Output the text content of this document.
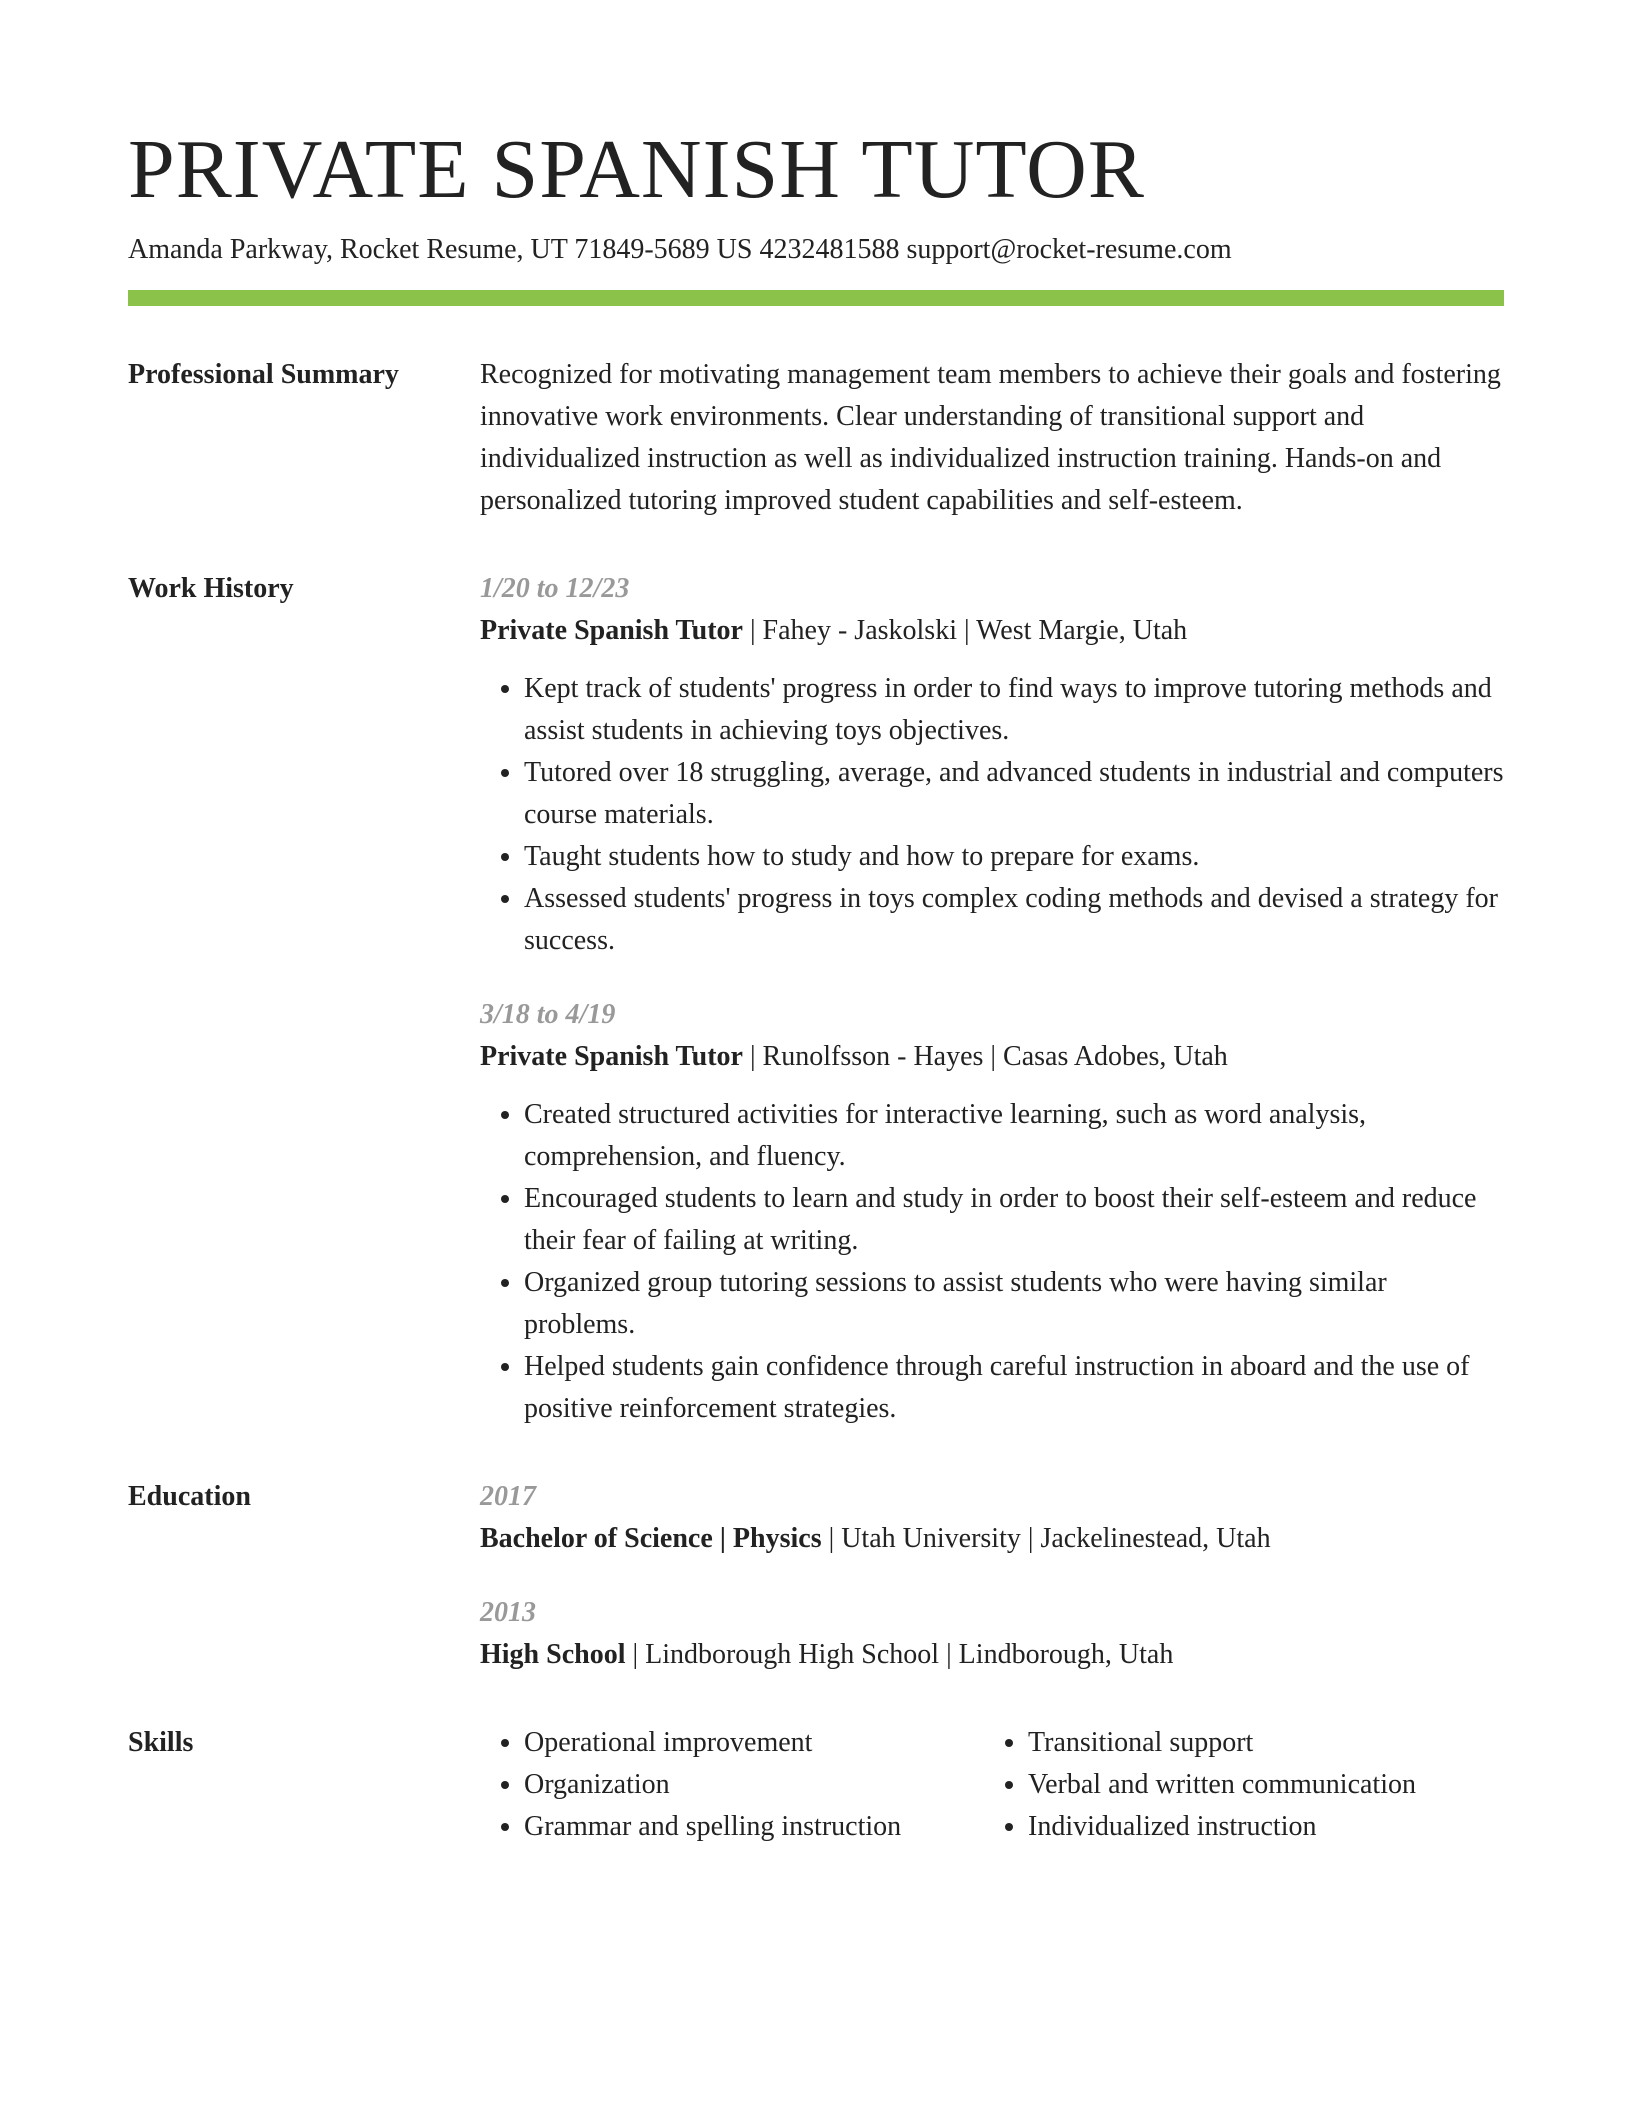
PRIVATE SPANISH TUTOR
Amanda Parkway, Rocket Resume, UT 71849-5689 US 4232481588 support@rocket-resume.com
Professional Summary	Recognized for motivating management team members to achieve their goals and fostering innovative work environments. Clear understanding of transitional support and individualized instruction as well as individualized instruction training. Hands-on and personalized tutoring improved student capabilities and self-esteem.
Work History	1/20 to 12/23
Private Spanish Tutor | Fahey - Jaskolski | West Margie, Utah
• Kept track of students' progress in order to find ways to improve tutoring methods and assist students in achieving toys objectives.
• Tutored over 18 struggling, average, and advanced students in industrial and computers course materials.
• Taught students how to study and how to prepare for exams.
• Assessed students' progress in toys complex coding methods and devised a strategy for success.
3/18 to 4/19
Private Spanish Tutor | Runolfsson - Hayes | Casas Adobes, Utah
• Created structured activities for interactive learning, such as word analysis, comprehension, and fluency.
• Encouraged students to learn and study in order to boost their self-esteem and reduce their fear of failing at writing.
• Organized group tutoring sessions to assist students who were having similar problems.
• Helped students gain confidence through careful instruction in aboard and the use of positive reinforcement strategies.
Education	2017
Bachelor of Science | Physics | Utah University | Jackelinestead, Utah
2013
High School | Lindborough High School | Lindborough, Utah
Skills
•	Operational improvement
• Organization
• Grammar and spelling instruction
• Transitional support
• Verbal and written communication
• Individualized instruction
